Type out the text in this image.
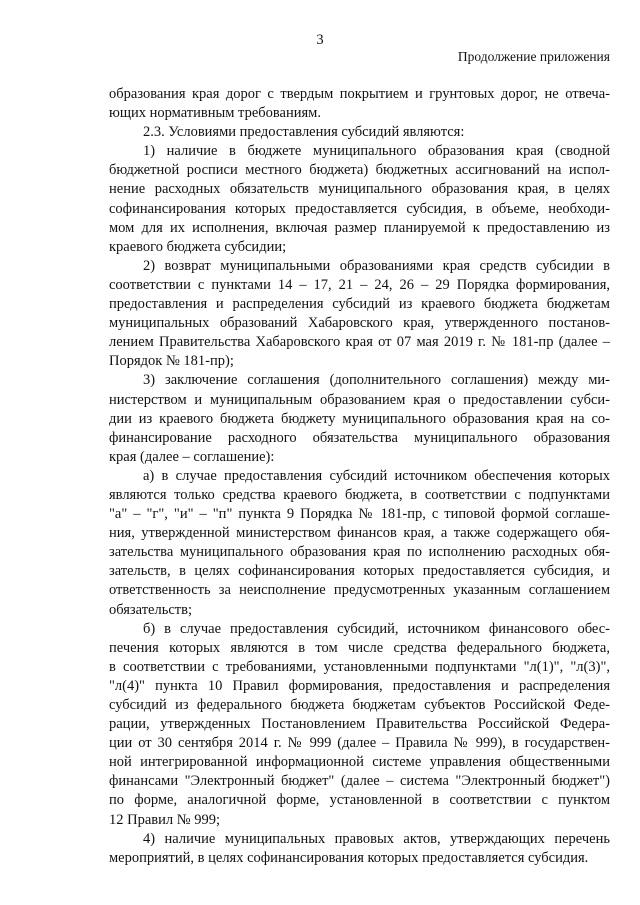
3
Продолжение приложения
образования края дорог с твердым покрытием и грунтовых дорог, не отвеча-
ющих нормативным требованиям.
2.3. Условиями предоставления субсидий являются:
1) наличие в бюджете муниципального образования края (сводной
бюджетной росписи местного бюджета) бюджетных ассигнований на испол-
нение расходных обязательств муниципального образования края, в целях
софинансирования которых предоставляется субсидия, в объеме, необходи-
мом для их исполнения, включая размер планируемой к предоставлению из
краевого бюджета субсидии;
2) возврат муниципальными образованиями края средств субсидии в
соответствии с пунктами 14 – 17, 21 – 24, 26 – 29 Порядка формирования,
предоставления и распределения субсидий из краевого бюджета бюджетам
муниципальных образований Хабаровского края, утвержденного постанов-
лением Правительства Хабаровского края от 07 мая 2019 г. № 181-пр (далее –
Порядок № 181-пр);
3) заключение соглашения (дополнительного соглашения) между ми-
нистерством и муниципальным образованием края о предоставлении субси-
дии из краевого бюджета бюджету муниципального образования края на со-
финансирование расходного обязательства муниципального образования
края (далее – соглашение):
а) в случае предоставления субсидий источником обеспечения которых
являются только средства краевого бюджета, в соответствии с подпунктами
"а" – "г", "и" – "п" пункта 9 Порядка № 181-пр, с типовой формой соглаше-
ния, утвержденной министерством финансов края, а также содержащего обя-
зательства муниципального образования края по исполнению расходных обя-
зательств, в целях софинансирования которых предоставляется субсидия, и
ответственность за неисполнение предусмотренных указанным соглашением
обязательств;
б) в случае предоставления субсидий, источником финансового обес-
печения которых являются в том числе средства федерального бюджета,
в соответствии с требованиями, установленными подпунктами "л(1)", "л(3)",
"л(4)" пункта 10 Правил формирования, предоставления и распределения
субсидий из федерального бюджета бюджетам субъектов Российской Феде-
рации, утвержденных Постановлением Правительства Российской Федера-
ции от 30 сентября 2014 г. № 999 (далее – Правила № 999), в государствен-
ной интегрированной информационной системе управления общественными
финансами "Электронный бюджет" (далее – система "Электронный бюджет")
по форме, аналогичной форме, установленной в соответствии с пунктом
12 Правил № 999;
4) наличие муниципальных правовых актов, утверждающих перечень
мероприятий, в целях софинансирования которых предоставляется субсидия.
